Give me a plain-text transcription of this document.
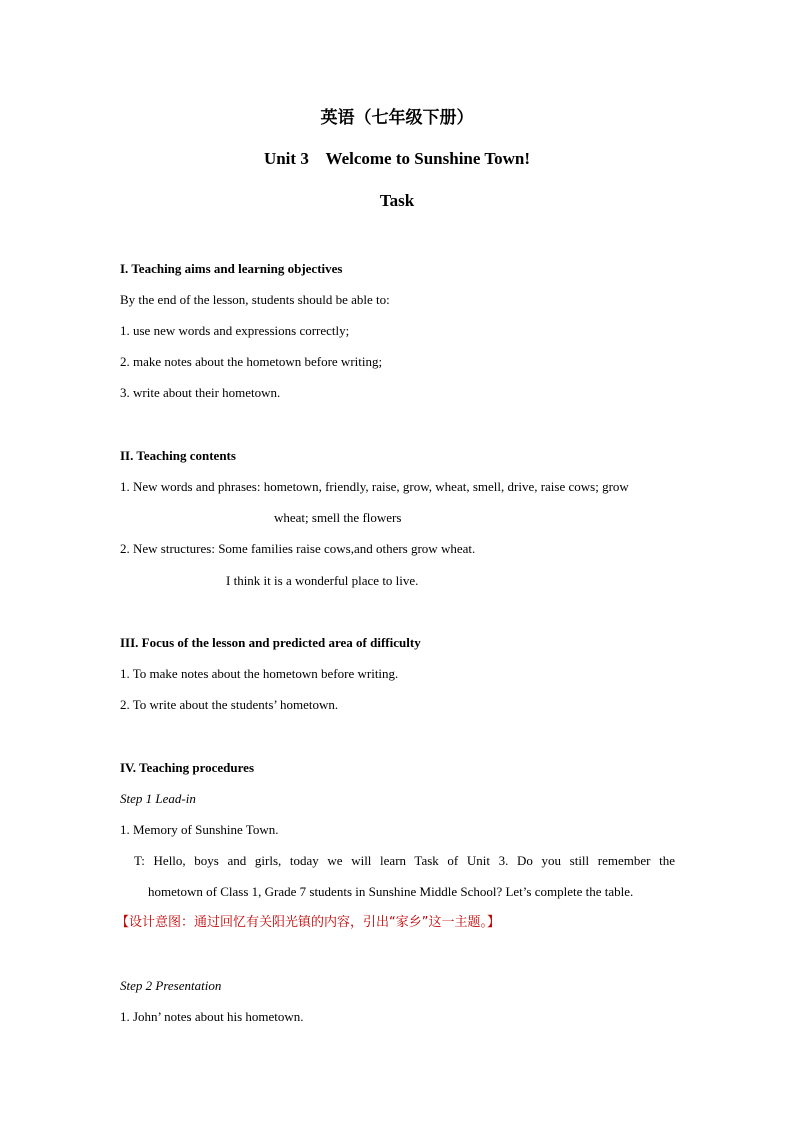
英语（七年级下册）
Unit 3    Welcome to Sunshine Town!
Task
I. Teaching aims and learning objectives
By the end of the lesson, students should be able to:
1. use new words and expressions correctly;
2. make notes about the hometown before writing;
3. write about their hometown.
II. Teaching contents
1. New words and phrases: hometown, friendly, raise, grow, wheat, smell, drive, raise cows; grow
wheat; smell the flowers
2. New structures: Some families raise cows,and others grow wheat.
I think it is a wonderful place to live.
III. Focus of the lesson and predicted area of difficulty
1. To make notes about the hometown before writing.
2. To write about the students’ hometown.
IV. Teaching procedures
Step 1 Lead-in
1. Memory of Sunshine Town.
T: Hello, boys and girls, today we will learn Task of Unit 3. Do you still remember the
hometown of Class 1, Grade 7 students in Sunshine Middle School? Let’s complete the table.
【设计意图：通过回忆有关阳光镇的内容，引出“家乡”这一主题。】
Step 2 Presentation
1. John’ notes about his hometown.
